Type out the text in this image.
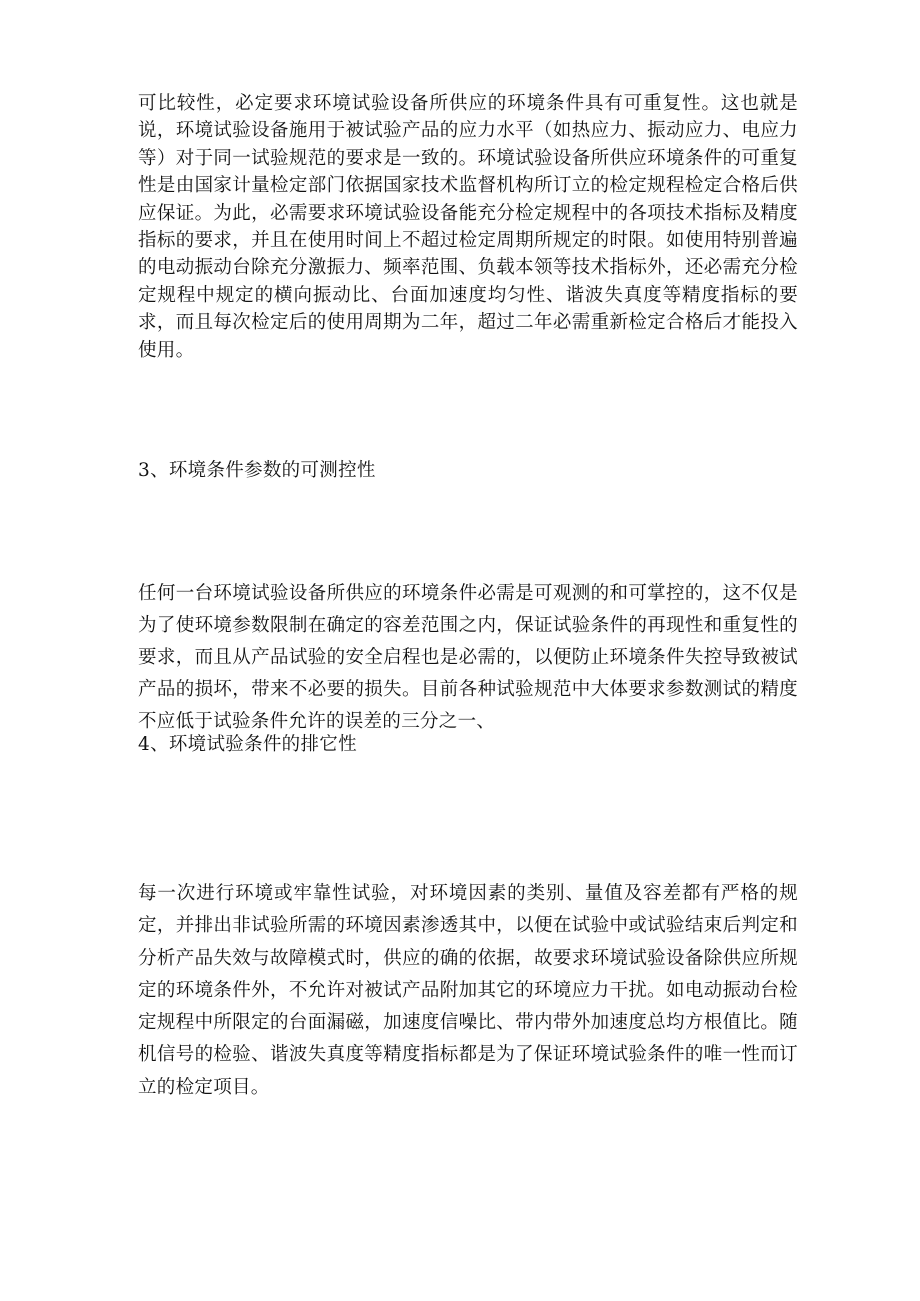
可比较性，必定要求环境试验设备所供应的环境条件具有可重复性。这也就是说，环境试验设备施用于被试验产品的应力水平（如热应力、振动应力、电应力等）对于同一试验规范的要求是一致的。环境试验设备所供应环境条件的可重复性是由国家计量检定部门依据国家技术监督机构所订立的检定规程检定合格后供应保证。为此，必需要求环境试验设备能充分检定规程中的各项技术指标及精度指标的要求，并且在使用时间上不超过检定周期所规定的时限。如使用特别普遍的电动振动台除充分激振力、频率范围、负载本领等技术指标外，还必需充分检定规程中规定的横向振动比、台面加速度均匀性、谐波失真度等精度指标的要求，而且每次检定后的使用周期为二年，超过二年必需重新检定合格后才能投入使用。

3、环境条件参数的可测控性

任何一台环境试验设备所供应的环境条件必需是可观测的和可掌控的，这不仅是为了使环境参数限制在确定的容差范围之内，保证试验条件的再现性和重复性的要求，而且从产品试验的安全启程也是必需的，以便防止环境条件失控导致被试产品的损坏，带来不必要的损失。目前各种试验规范中大体要求参数测试的精度不应低于试验条件允许的误差的三分之一、

4、环境试验条件的排它性

每一次进行环境或牢靠性试验，对环境因素的类别、量值及容差都有严格的规定，并排出非试验所需的环境因素渗透其中，以便在试验中或试验结束后判定和分析产品失效与故障模式时，供应的确的依据，故要求环境试验设备除供应所规定的环境条件外，不允许对被试产品附加其它的环境应力干扰。如电动振动台检定规程中所限定的台面漏磁，加速度信噪比、带内带外加速度总均方根值比。随机信号的检验、谐波失真度等精度指标都是为了保证环境试验条件的唯一性而订立的检定项目。
